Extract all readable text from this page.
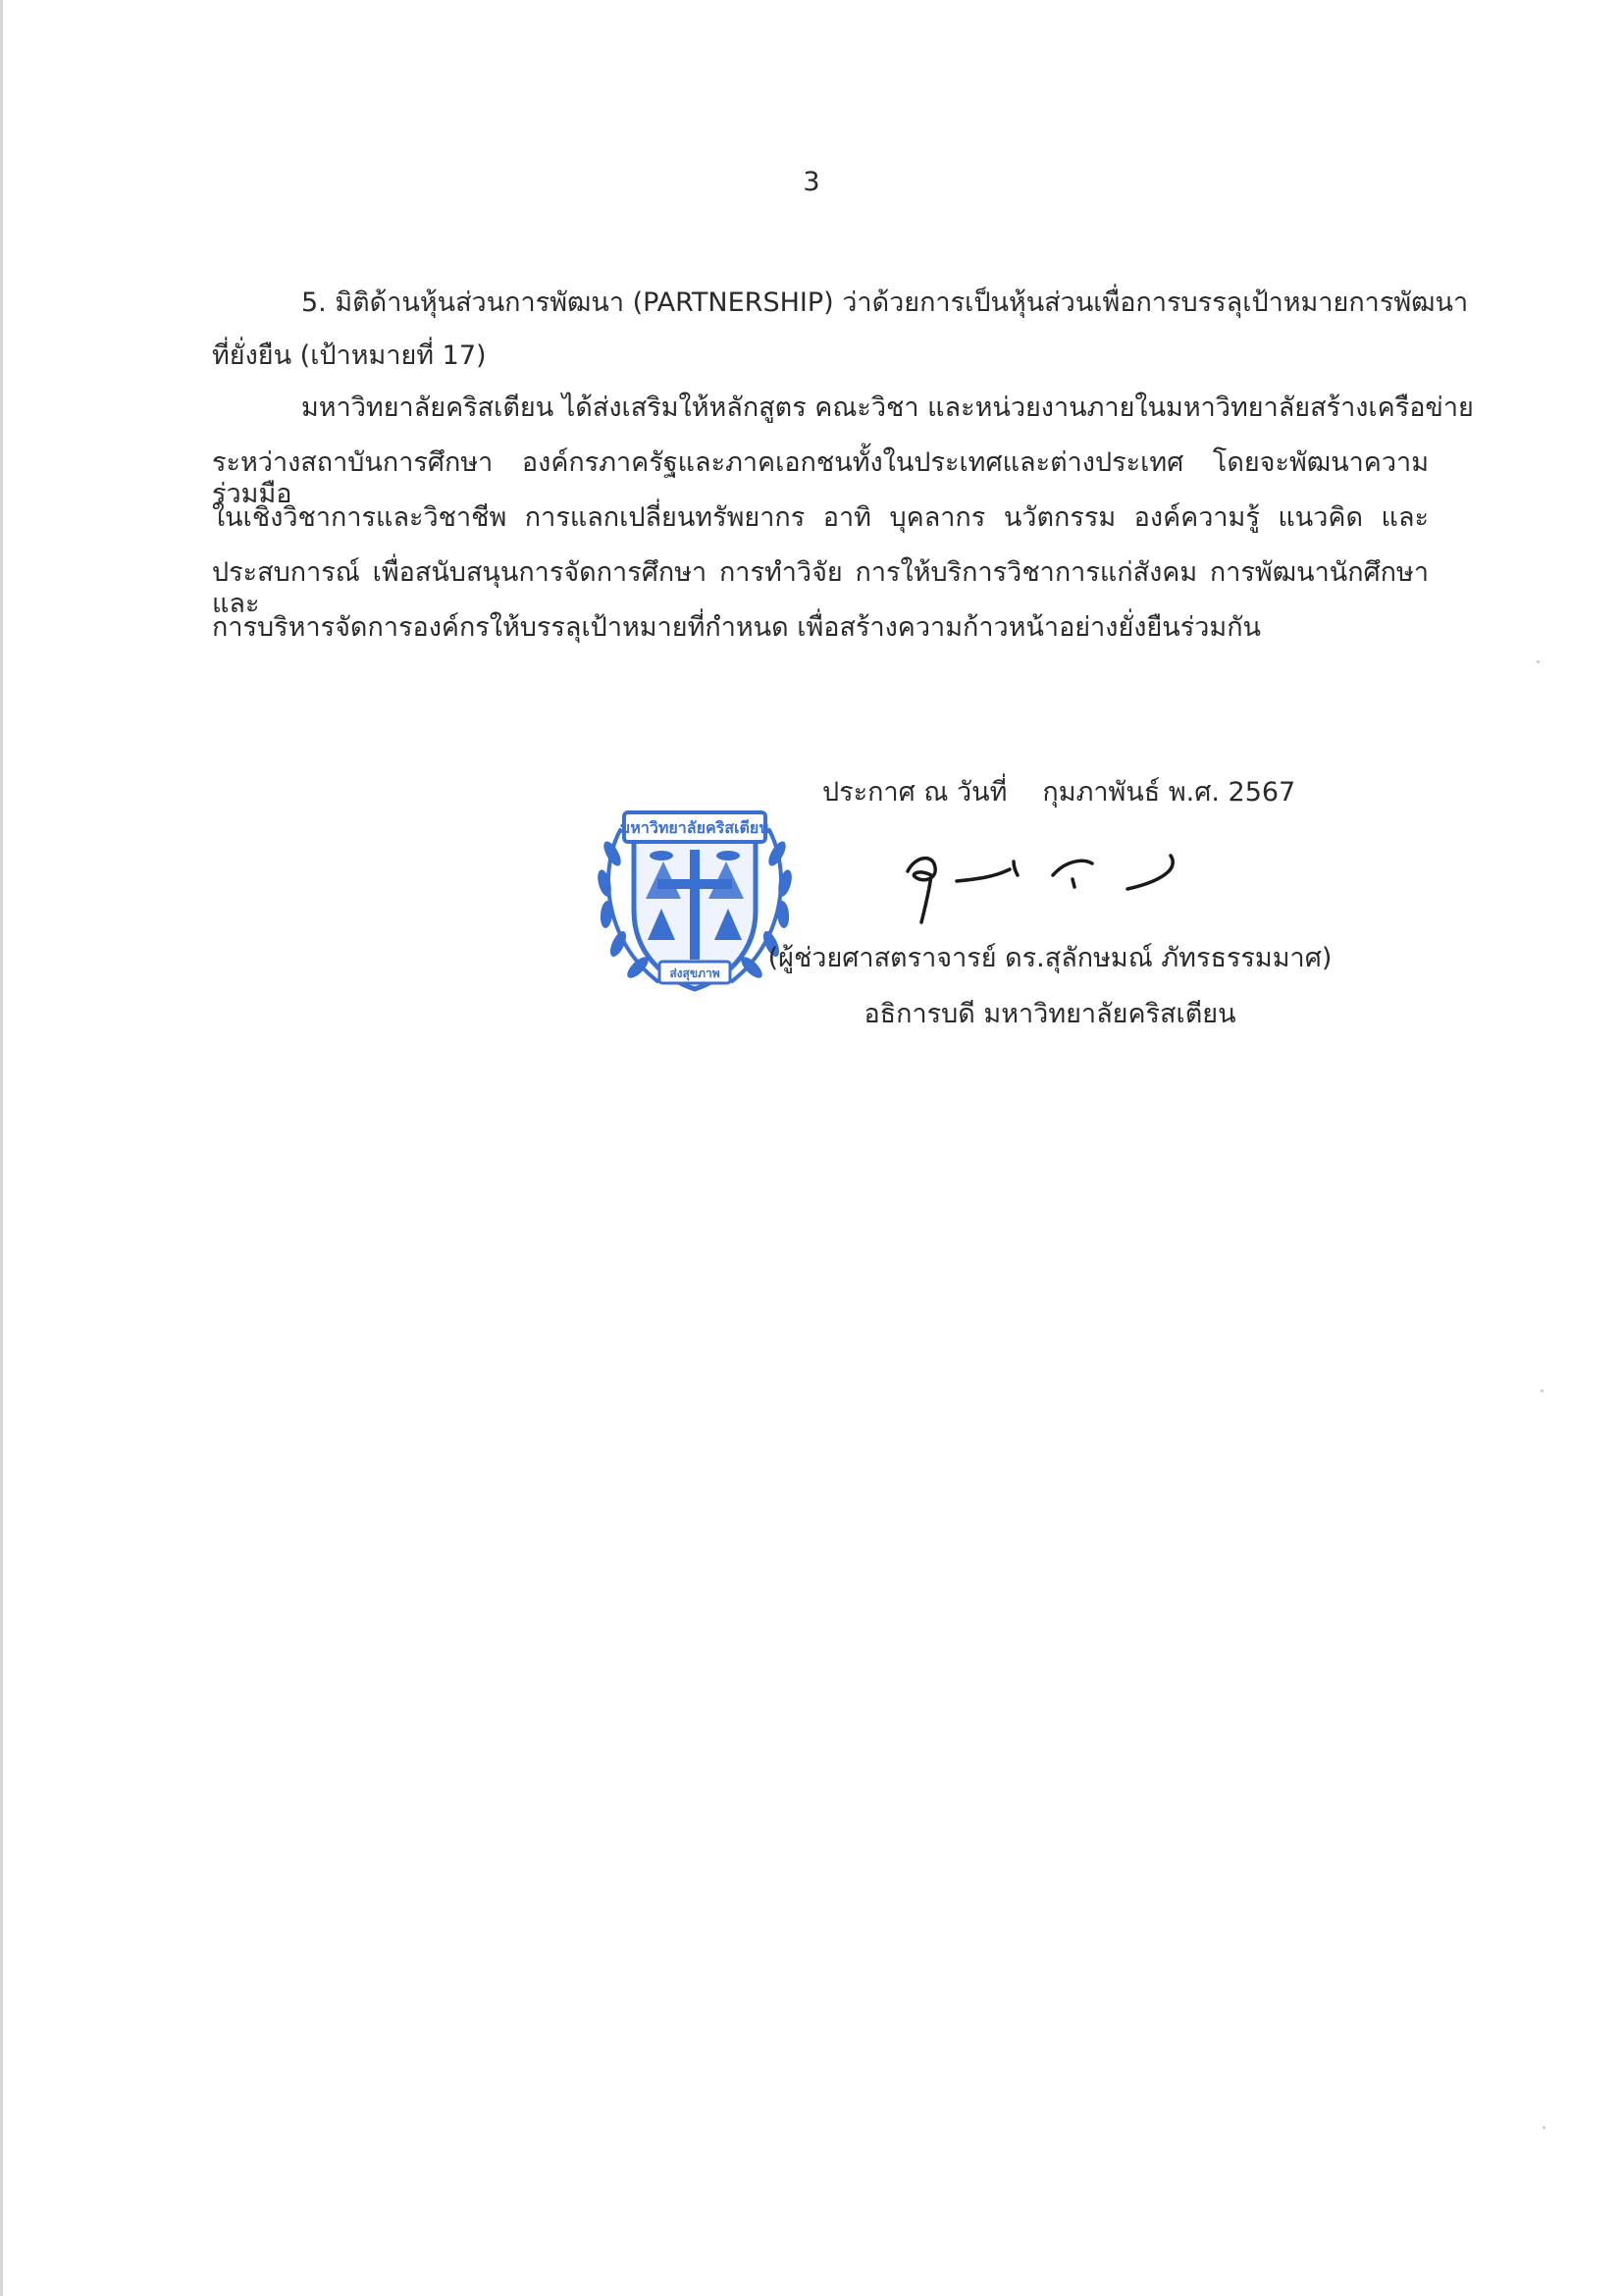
3
5. มิติด้านหุ้นส่วนการพัฒนา (PARTNERSHIP) ว่าด้วยการเป็นหุ้นส่วนเพื่อการบรรลุเป้าหมายการพัฒนา
ที่ยั่งยืน (เป้าหมายที่ 17)
มหาวิทยาลัยคริสเตียน ได้ส่งเสริมให้หลักสูตร คณะวิชา และหน่วยงานภายในมหาวิทยาลัยสร้างเครือข่าย
ระหว่างสถาบันการศึกษา องค์กรภาครัฐและภาคเอกชนทั้งในประเทศและต่างประเทศ โดยจะพัฒนาความร่วมมือ
ในเชิงวิชาการและวิชาชีพ การแลกเปลี่ยนทรัพยากร อาทิ บุคลากร นวัตกรรม องค์ความรู้ แนวคิด และ
ประสบการณ์ เพื่อสนับสนุนการจัดการศึกษา การทำวิจัย การให้บริการวิชาการแก่สังคม การพัฒนานักศึกษา และ
การบริหารจัดการองค์กรให้บรรลุเป้าหมายที่กำหนด เพื่อสร้างความก้าวหน้าอย่างยั่งยืนร่วมกัน
ประกาศ ณ วันที่ กุมภาพันธ์ พ.ศ. 2567
มหาวิทยาลัยคริสเตียน
ส่งสุขภาพ	(ผู้ช่วยศาสตราจารย์ ดร.สุลักษมณ์ ภัทรธรรมมาศ)
อธิการบดี มหาวิทยาลัยคริสเตียน
